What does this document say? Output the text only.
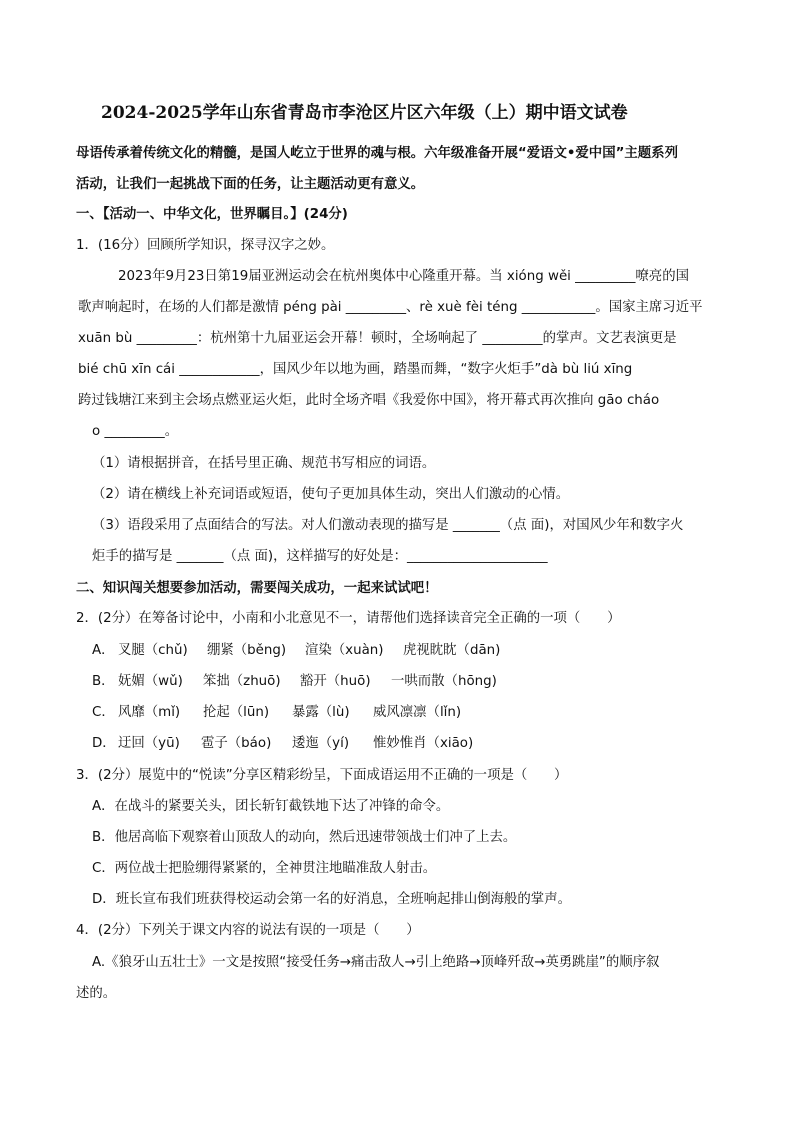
2024-2025学年山东省青岛市李沧区片区六年级（上）期中语文试卷
母语传承着传统文化的精髓，是国人屹立于世界的魂与根。六年级准备开展“爱语文•爱中国”主题系列
活动，让我们一起挑战下面的任务，让主题活动更有意义。
一、【活动一、中华文化，世界瞩目。】(24分)
1．(16分）回顾所学知识，探寻汉字之妙。
2023年9月23日第19届亚洲运动会在杭州奥体中心隆重开幕。当 xióng wěi _________嘹亮的国
歌声响起时，在场的人们都是激情 péng pài _________、rè xuè fèi téng ___________。国家主席习近平
xuān bù _________：杭州第十九届亚运会开幕！顿时，全场响起了 _________的掌声。文艺表演更是
bié chū xīn cái ____________，国风少年以地为画，踏墨而舞，“数字火炬手”dà bù liú xīng
跨过钱塘江来到主会场点燃亚运火炬，此时全场齐唱《我爱你中国》，将开幕式再次推向 gāo cháo
o _________。
（1）请根据拼音，在括号里正确、规范书写相应的词语。
（2）请在横线上补充词语或短语，使句子更加具体生动，突出人们激动的心情。
（3）语段采用了点面结合的写法。对人们激动表现的描写是 _______（点 面)，对国风少年和数字火
炬手的描写是 _______（点 面)，这样描写的好处是：_____________________
二、知识闯关想要参加活动，需要闯关成功，一起来试试吧！
2．(2分）在筹备讨论中，小南和小北意见不一，请帮他们选择读音完全正确的一项（　　）
A． 叉腿（chǔ) 绷紧（běng) 渲染（xuàn) 虎视眈眈（dān)
B． 妩媚（wǔ) 笨拙（zhuō) 豁开（huō) 一哄而散（hōng)
C． 风靡（mǐ) 抡起（lūn) 暴露（lù) 威风凛凛（lǐn)
D． 迂回（yū) 雹子（báo) 逶迤（yí) 惟妙惟肖（xiāo)
3．(2分）展览中的“悦读”分享区精彩纷呈，下面成语运用不正确的一项是（　　）
A．在战斗的紧要关头，团长斩钉截铁地下达了冲锋的命令。
B．他居高临下观察着山顶敌人的动向，然后迅速带领战士们冲了上去。
C．两位战士把脸绷得紧紧的，全神贯注地瞄准敌人射击。
D．班长宣布我们班获得校运动会第一名的好消息，全班响起排山倒海般的掌声。
4．(2分）下列关于课文内容的说法有误的一项是（　　）
A.《狼牙山五壮士》一文是按照“接受任务→痛击敌人→引上绝路→顶峰歼敌→英勇跳崖”的顺序叙
述的。
